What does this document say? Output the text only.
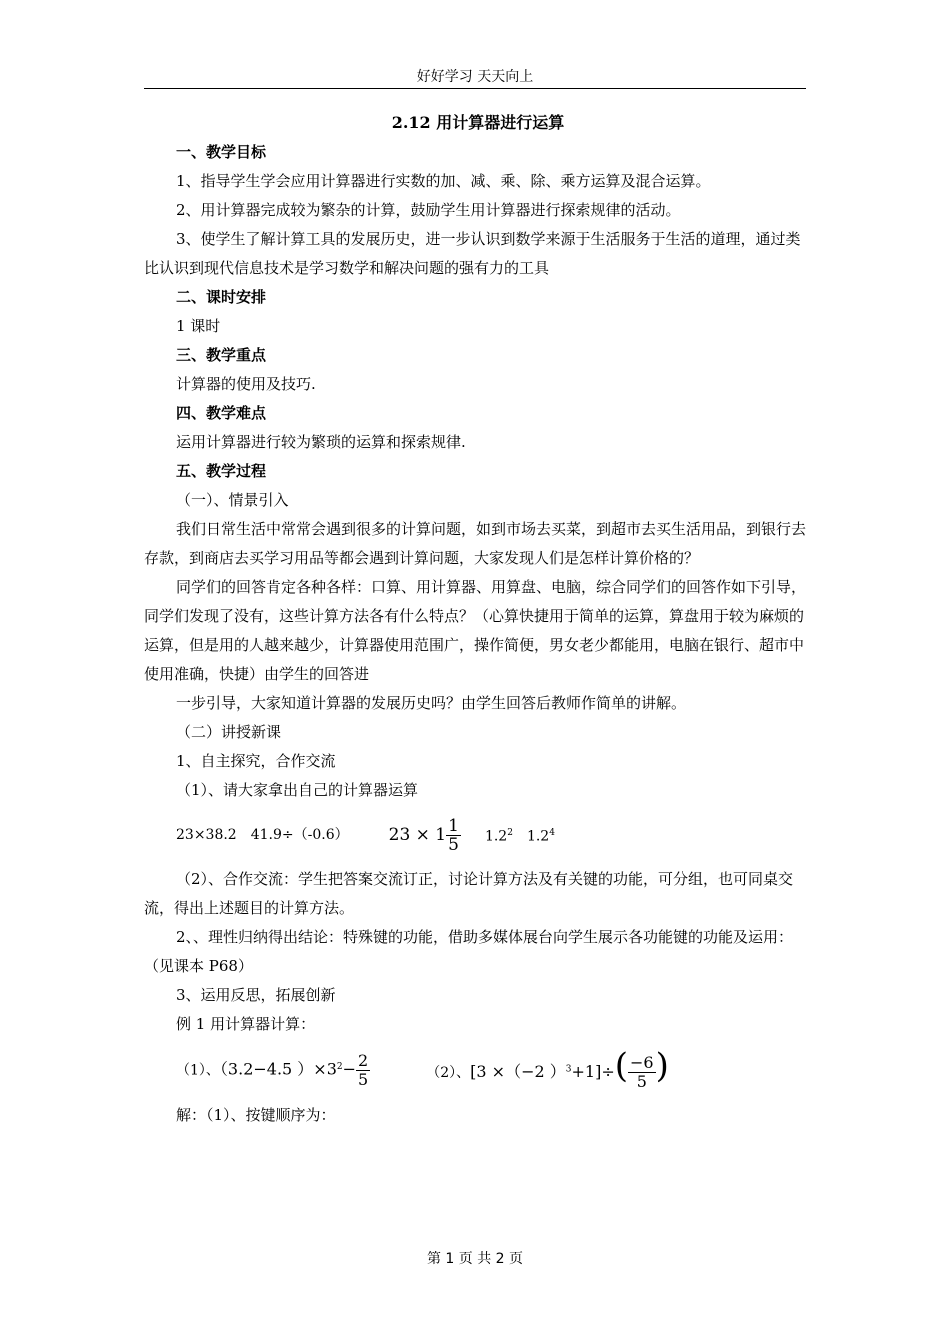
好好学习 天天向上

2.12 用计算器进行运算

一、教学目标

1、指导学生学会应用计算器进行实数的加、减、乘、除、乘方运算及混合运算。

2、用计算器完成较为繁杂的计算，鼓励学生用计算器进行探索规律的活动。

3、使学生了解计算工具的发展历史，进一步认识到数学来源于生活服务于生活的道理，通过类比认识到现代信息技术是学习数学和解决问题的强有力的工具

二、课时安排

1 课时

三、教学重点

计算器的使用及技巧.

四、教学难点

运用计算器进行较为繁琐的运算和探索规律.

五、教学过程

（一）、情景引入

我们日常生活中常常会遇到很多的计算问题，如到市场去买菜，到超市去买生活用品，到银行去存款，到商店去买学习用品等都会遇到计算问题，大家发现人们是怎样计算价格的？

同学们的回答肯定各种各样：口算、用计算器、用算盘、电脑，综合同学们的回答作如下引导，同学们发现了没有，这些计算方法各有什么特点？（心算快捷用于简单的运算，算盘用于较为麻烦的运算，但是用的人越来越少，计算器使用范围广，操作简便，男女老少都能用，电脑在银行、超市中使用准确，快捷）由学生的回答进

一步引导，大家知道计算器的发展历史吗？由学生回答后教师作简单的讲解。

（二）讲授新课

1、自主探究，合作交流

（1）、请大家拿出自己的计算器运算

23×38.2 41.9÷（-0.6） $23 \times 1 \frac{1}{5} 1.2^2$ $1.2^4$

（2）、合作交流：学生把答案交流订正，讨论计算方法及有关键的功能，可分组，也可同桌交流，得出上述题目的计算方法。

2、、理性归纳得出结论：特殊键的功能，借助多媒体展台向学生展示各功能键的功能及运用：（见课本 P68）

3、运用反思，拓展创新

例 1 用计算器计算：

（1）、（3.2−4.5 ）$\times 3^2- \frac{2}{5}$	（2）、[3 ×（−2 ）$^3+1]\div( \frac{-6}{5}$ )

解：（1）、按键顺序为：

第 1 页 共 2 页
